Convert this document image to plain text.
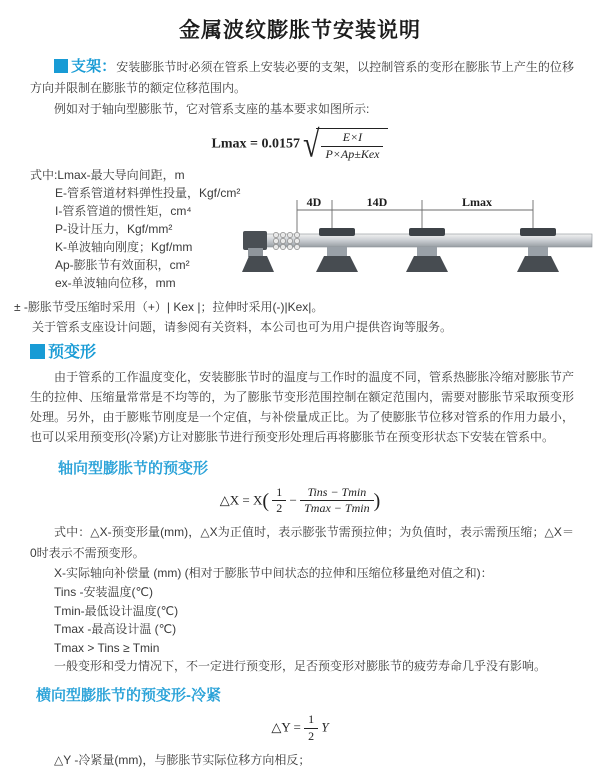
金属波纹膨胀节安装说明

支架：安装膨胀节时必须在管系上安装必要的支架，以控制管系的变形在膨胀节上产生的位移方向并限制在膨胀节的额定位移范围内。

例如对于轴向型膨胀节，它对管系支座的基本要求如图所示:

Lmax = 0.0157 √ $\frac{E\times I}{\text{P×Ap±Kex}}$
式中:Lmax-最大导向间距，m
E-管系管道材料弹性投量，Kgf/cm²
I-管系管道的惯性矩，cm⁴
P-设计压力，Kgf/mm²
K-单波轴向刚度；Kgf/mm
Ap-膨胀节有效面积，cm²
ex-单波轴向位移，mm
4D	14D	Lmax

± -膨胀节受压缩时采用（+）| Kex |；拉伸时采用(-)|Kex|。

关于管系支座设计问题，请参阅有关资料，本公司也可为用户提供咨询等服务。

预变形

由于管系的工作温度变化，安装膨胀节时的温度与工作时的温度不同，管系热膨胀冷缩对膨胀节产生的拉伸、压缩量常常是不均等的，为了膨胀节变形范围控制在额定范围内，需要对膨胀节采取预变形处理。另外，由于膨账节刚度是一个定值，与补偿量成正比。为了使膨胀节位移对管系的作用力最小，也可以采用预变形(冷紧)方让对膨胀节进行预变形处理后再将膨胀节在预变形状态下安装在管系中。

轴向型膨胀节的预变形
△X = $X( \frac{1}{2} - \frac{\text{Tins − Tmin}}{Tmax - Tmin}$ )

式中：△X-预变形量(mm)，△X为正值时，表示膨张节需预拉伸；为负值时，表示需预压缩；△X＝0时表示不需预变形。

X-实际轴向补偿量 (mm) (相对于膨胀节中间状态的拉伸和压缩位移量绝对值之和)：
Tins -安装温度(℃)
Tmin-最低设计温度(℃)
Tmax -最高设计温 (℃)
Tmax > Tins ≥ Tmin
一般变形和受力情况下，不一定进行预变形，足否预变形对膨胀节的疲劳寿命几乎没有影响。
横向型膨胀节的预变形-冷紧
△Y = $\frac{1}{2}$ Y
△Y -冷紧量(mm)，与膨胀节实际位移方向相反；
